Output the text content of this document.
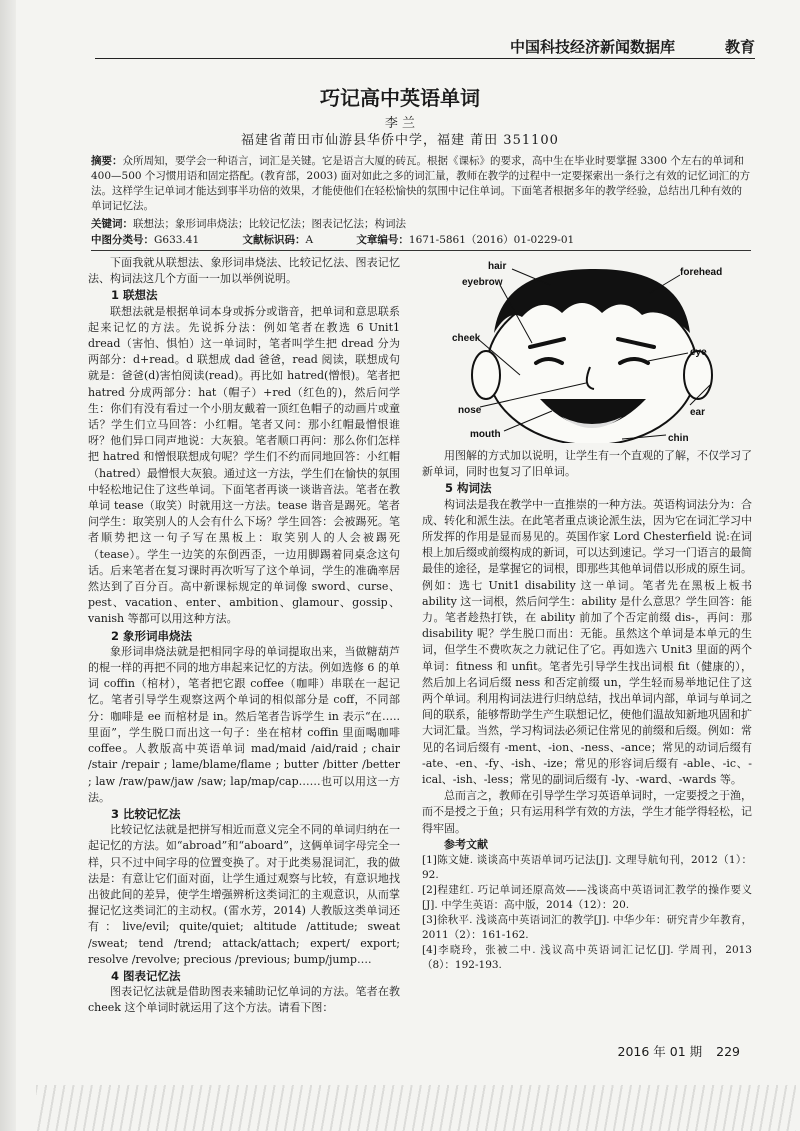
中国科技经济新闻数据库	教育
巧记高中英语单词
李 兰
福建省莆田市仙游县华侨中学，福建 莆田 351100
摘要：众所周知，要学会一种语言，词汇是关键。它是语言大厦的砖瓦。根据《课标》的要求，高中生在毕业时要掌握 3300 个左右的单词和 400—500 个习惯用语和固定搭配。(教育部，2003) 面对如此之多的词汇量，教师在教学的过程中一定要探索出一条行之有效的记忆词汇的方法。这样学生记单词才能达到事半功倍的效果，才能使他们在轻松愉快的氛围中记住单词。下面笔者根据多年的教学经验，总结出几种有效的单词记忆法。
关键词：联想法；象形词串烧法；比较记忆法；图表记忆法；构词法
中图分类号：G633.41	文献标识码：A	文章编号：1671-5861（2016）01-0229-01

下面我就从联想法、象形词串烧法、比较记忆法、图表记忆法、构词法这几个方面一一加以举例说明。

1 联想法

联想法就是根据单词本身或拆分或谐音，把单词和意思联系起来记忆的方法。先说拆分法：例如笔者在教选 6 Unit1 dread（害怕、惧怕）这一单词时，笔者叫学生把 dread 分为两部分：d+read。d 联想成 dad 爸爸，read 阅读，联想成句就是：爸爸(d)害怕阅读(read)。再比如 hatred(憎恨)。笔者把 hatred 分成两部分：hat（帽子）+red（红色的)，然后问学生：你们有没有看过一个小朋友戴着一顶红色帽子的动画片或童话？学生们立马回答：小红帽。笔者又问：那小红帽最憎恨谁呀？他们异口同声地说：大灰狼。笔者顺口再问：那么你们怎样把 hatred 和憎恨联想成句呢？学生们不约而同地回答：小红帽（hatred）最憎恨大灰狼。通过这一方法，学生们在愉快的氛围中轻松地记住了这些单词。下面笔者再谈一谈谐音法。笔者在教单词 tease（取笑）时就用这一方法。tease 谐音是踢死。笔者问学生：取笑别人的人会有什么下场？学生回答：会被踢死。笔者顺势把这一句子写在黑板上：取笑别人的人会被踢死（tease）。学生一边笑的东倒西歪，一边用脚踢着同桌念这句话。后来笔者在复习课时再次听写了这个单词，学生的准确率居然达到了百分百。高中新课标规定的单词像 sword、curse、pest、vacation、enter、ambition、glamour、gossip、vanish 等都可以用这种方法。

2 象形词串烧法

象形词串烧法就是把相同字母的单词提取出来，当做糖葫芦的棍一样的再把不同的地方串起来记忆的方法。例如选修 6 的单词 coffin（棺材），笔者把它跟 coffee（咖啡）串联在一起记忆。笔者引导学生观察这两个单词的相似部分是 coff，不同部分：咖啡是 ee 而棺材是 in。然后笔者告诉学生 in 表示“在…..里面”，学生脱口而出这一句子：坐在棺材 coffin 里面喝咖啡 coffee。人教版高中英语单词 mad/maid /aid/raid ; chair /stair /repair ; lame/blame/flame ; butter /bitter /better ; law /raw/paw/jaw /saw; lap/map/cap……也可以用这一方法。

3 比较记忆法

比较记忆法就是把拼写相近而意义完全不同的单词归纳在一起记忆的方法。如“abroad”和“aboard”，这俩单词字母完全一样，只不过中间字母的位置变换了。对于此类易混词汇，我的做法是：有意让它们面对面，让学生通过观察与比较，有意识地找出彼此间的差异，使学生增强辨析这类词汇的主观意识，从而掌握记忆这类词汇的主动权。(雷水芳，2014) 人教版这类单词还有：live/evil; quite/quiet; altitude /attitude; sweat /sweat; tend /trend; attack/attach; expert/ export; resolve /revolve; precious /previous; bump/jump….

4 图表记忆法

图表记忆法就是借助图表来辅助记忆单词的方法。笔者在教 cheek 这个单词时就运用了这个方法。请看下图：

hair
forehead
eyebrow
cheek
eye
nose	ear
mouth	chin

用图解的方式加以说明，让学生有一个直观的了解，不仅学习了新单词，同时也复习了旧单词。

5 构词法

构词法是我在教学中一直推崇的一种方法。英语构词法分为：合成、转化和派生法。在此笔者重点谈论派生法，因为它在词汇学习中所发挥的作用是显而易见的。英国作家 Lord Chesterfield 说:在词根上加后缀或前缀构成的新词，可以达到速记。学习一门语言的最简最佳的途径，是掌握它的词根，即那些其他单词借以形成的原生词。例如：选七 Unit1 disability 这一单词。笔者先在黑板上板书 ability 这一词根，然后问学生：ability 是什么意思？学生回答：能力。笔者趁热打铁，在 ability 前加了个否定前缀 dis-，再问：那 disability 呢？学生脱口而出：无能。虽然这个单词是本单元的生词，但学生不费吹灰之力就记住了它。再如选六 Unit3 里面的两个单词：fitness 和 unfit。笔者先引导学生找出词根 fit（健康的），然后加上名词后缀 ness 和否定前缀 un，学生轻而易举地记住了这两个单词。利用构词法进行归纳总结，找出单词内部，单词与单词之间的联系，能够帮助学生产生联想记忆，使他们温故知新地巩固和扩大词汇量。当然，学习构词法必须记住常见的前缀和后缀。例如：常见的名词后缀有 -ment、-ion、-ness、-ance；常见的动词后缀有 -ate、-en、-fy、-ish、-ize；常见的形容词后缀有 -able、-ic、-ical、-ish、-less；常见的副词后缀有 -ly、-ward、-wards 等。

总而言之，教师在引导学生学习英语单词时，一定要授之于渔，而不是授之于鱼；只有运用科学有效的方法，学生才能学得轻松，记得牢固。

参考文献

[1]陈文婕. 谈谈高中英语单词巧记法[J]. 文理导航旬刊，2012（1）：92.

[2]程建红. 巧记单词还原高效——浅谈高中英语词汇教学的操作要义[J]. 中学生英语：高中版，2014（12）：20.

[3]徐秋平. 浅谈高中英语词汇的教学[J]. 中华少年：研究青少年教育，2011（2）：161-162.

[4]李晓玲，张被二中. 浅议高中英语词汇记忆[J]. 学周刊，2013（8）：192-193.

2016 年 01 期 229
